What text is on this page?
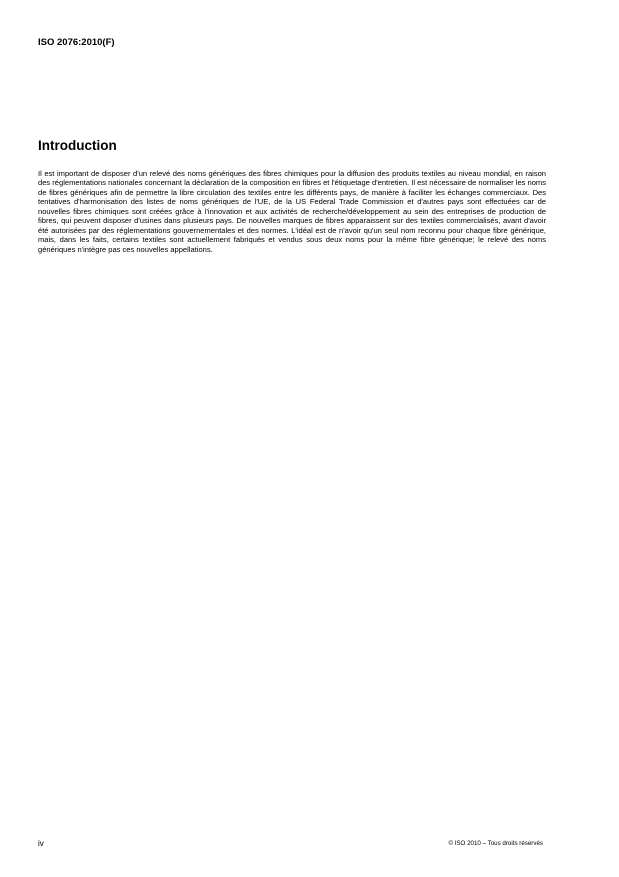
ISO 2076:2010(F)
Introduction

Il est important de disposer d'un relevé des noms génériques des fibres chimiques pour la diffusion des produits textiles au niveau mondial, en raison des réglementations nationales concernant la déclaration de la composition en fibres et l'étiquetage d'entretien. Il est nécessaire de normaliser les noms de fibres génériques afin de permettre la libre circulation des textiles entre les différents pays, de manière à faciliter les échanges commerciaux. Des tentatives d'harmonisation des listes de noms génériques de l'UE, de la US Federal Trade Commission et d'autres pays sont effectuées car de nouvelles fibres chimiques sont créées grâce à l'innovation et aux activités de recherche/développement au sein des entreprises de production de fibres, qui peuvent disposer d'usines dans plusieurs pays. De nouvelles marques de fibres apparaissent sur des textiles commercialisés, avant d'avoir été autorisées par des réglementations gouvernementales et des normes. L'idéal est de n'avoir qu'un seul nom reconnu pour chaque fibre générique, mais, dans les faits, certains textiles sont actuellement fabriqués et vendus sous deux noms pour la même fibre générique; le relevé des noms génériques n'intègre pas ces nouvelles appellations.

iv	© ISO 2010 – Tous droits réservés
